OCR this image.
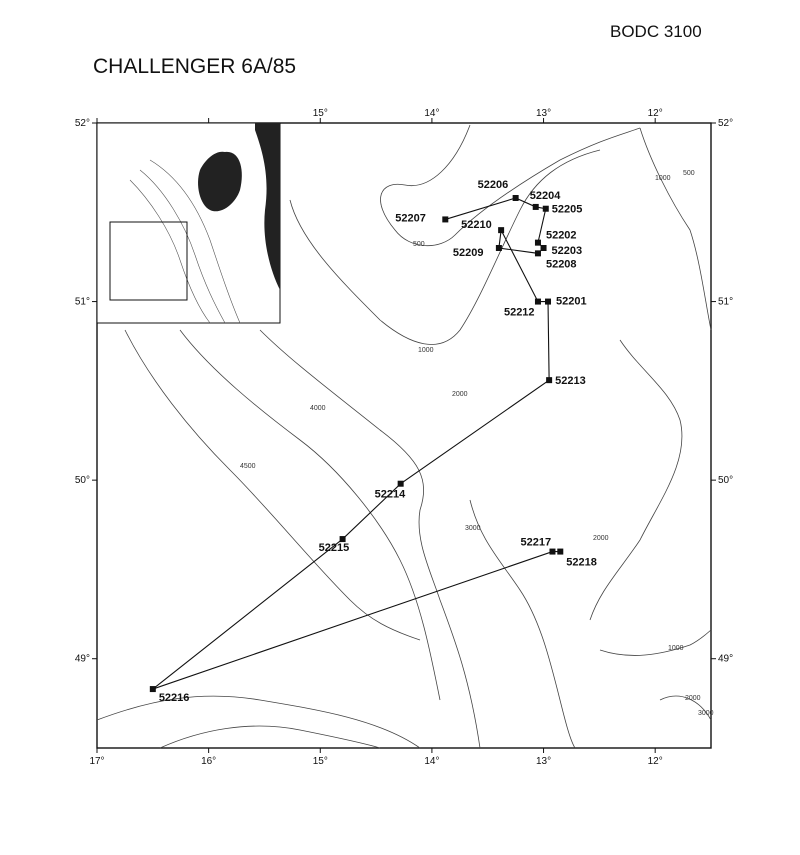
BODC 3100
CHALLENGER 6A/85
500
1000
2000
4000
4500
3000
2000
1000
1000
500
2000
3000
17°	16°	15°
15°
14°
14°
13°
13°
12°
12°
52°	52°
51°	51°
50°	50°
49°	49°
52201
52202
52203
52204
52205
52206
52207
52208
52209
52210
52212
52213
52214
52215
52216
52217
52218
